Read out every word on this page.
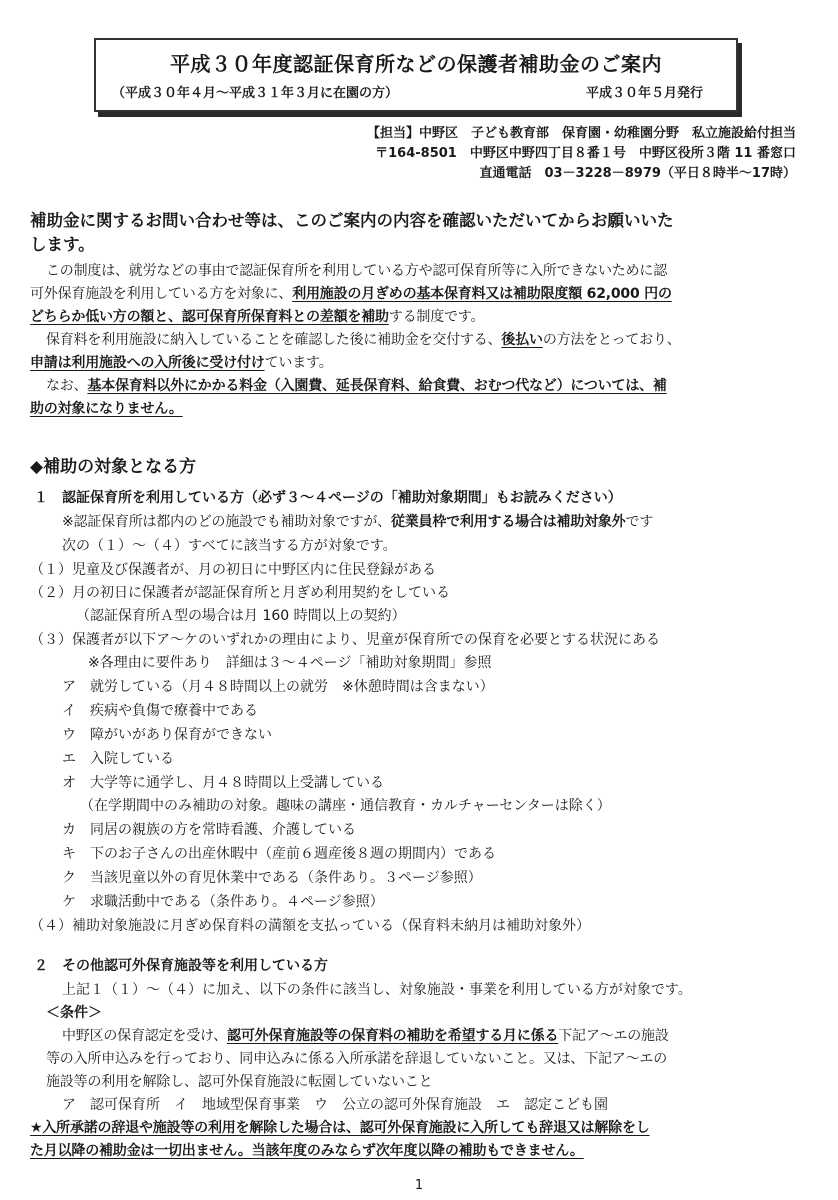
平成３０年度認証保育所などの保護者補助金のご案内
（平成３０年４月～平成３１年３月に在園の方）	平成３０年５月発行
【担当】中野区　子ども教育部　保育園・幼稚園分野　私立施設給付担当
〒164-8501　中野区中野四丁目８番１号　中野区役所３階 11 番窓口
直通電話　03－3228－8979（平日８時半～17時）
補助金に関するお問い合わせ等は、このご案内の内容を確認いただいてからお願いいた
します。
この制度は、就労などの事由で認証保育所を利用している方や認可保育所等に入所できないために認
可外保育施設を利用している方を対象に、利用施設の月ぎめの基本保育料又は補助限度額 62,000 円の
どちらか低い方の額と、認可保育所保育料との差額を補助する制度です。
保育料を利用施設に納入していることを確認した後に補助金を交付する、後払いの方法をとっており、
申請は利用施設への入所後に受け付けています。
なお、基本保育料以外にかかる料金（入園費、延長保育料、給食費、おむつ代など）については、補
助の対象になりません。
◆補助の対象となる方
１　認証保育所を利用している方（必ず３～４ページの「補助対象期間」もお読みください）
※認証保育所は都内のどの施設でも補助対象ですが、従業員枠で利用する場合は補助対象外です
次の（１）～（４）すべてに該当する方が対象です。
（１）児童及び保護者が、月の初日に中野区内に住民登録がある
（２）月の初日に保護者が認証保育所と月ぎめ利用契約をしている
（認証保育所Ａ型の場合は月 160 時間以上の契約）
（３）保護者が以下ア～ケのいずれかの理由により、児童が保育所での保育を必要とする状況にある
※各理由に要件あり　詳細は３～４ページ「補助対象期間」参照
ア　就労している（月４８時間以上の就労　※休憩時間は含まない）
イ　疾病や負傷で療養中である
ウ　障がいがあり保育ができない
エ　入院している
オ　大学等に通学し、月４８時間以上受講している
（在学期間中のみ補助の対象。趣味の講座・通信教育・カルチャーセンターは除く）
カ　同居の親族の方を常時看護、介護している
キ　下のお子さんの出産休暇中（産前６週産後８週の期間内）である
ク　当該児童以外の育児休業中である（条件あり。３ページ参照）
ケ　求職活動中である（条件あり。４ページ参照）
（４）補助対象施設に月ぎめ保育料の満額を支払っている（保育料未納月は補助対象外）
２　その他認可外保育施設等を利用している方
上記１（１）～（４）に加え、以下の条件に該当し、対象施設・事業を利用している方が対象です。
＜条件＞
中野区の保育認定を受け、認可外保育施設等の保育料の補助を希望する月に係る下記ア～エの施設
等の入所申込みを行っており、同申込みに係る入所承諾を辞退していないこと。又は、下記ア～エの
施設等の利用を解除し、認可外保育施設に転園していないこと
ア　認可保育所　イ　地域型保育事業　ウ　公立の認可外保育施設　エ　認定こども園
★入所承諾の辞退や施設等の利用を解除した場合は、認可外保育施設に入所しても辞退又は解除をし
た月以降の補助金は一切出ません。当該年度のみならず次年度以降の補助もできません。
1
